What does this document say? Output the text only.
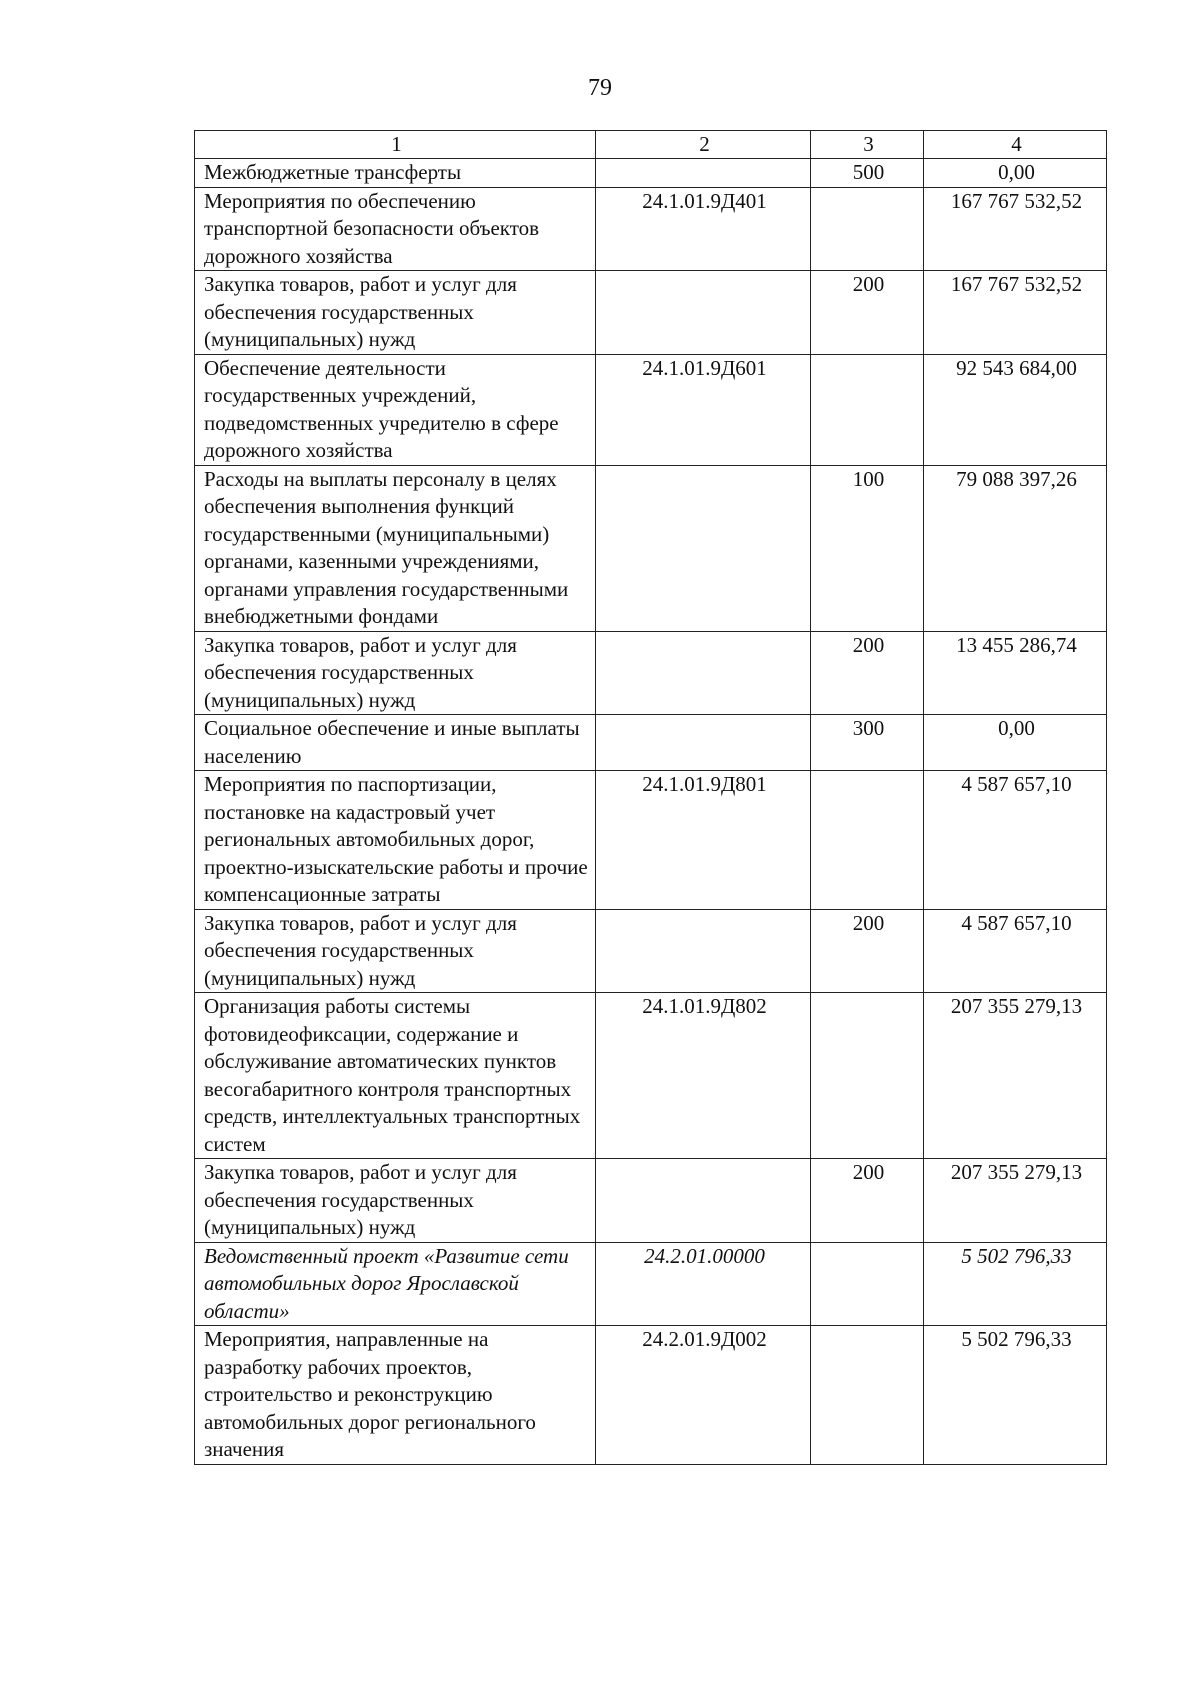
79
1	2	3	4
Межбюджетные трансферты		500	0,00
Мероприятия по обеспечению транспортной безопасности объектов дорожного хозяйства	24.1.01.9Д401		167 767 532,52
Закупка товаров, работ и услуг для обеспечения государственных (муниципальных) нужд		200	167 767 532,52
Обеспечение деятельности государственных учреждений, подведомственных учредителю в сфере дорожного хозяйства	24.1.01.9Д601		92 543 684,00
Расходы на выплаты персоналу в целях обеспечения выполнения функций государственными (муниципальными) органами, казенными учреждениями, органами управления государственными внебюджетными фондами		100	79 088 397,26
Закупка товаров, работ и услуг для обеспечения государственных (муниципальных) нужд		200	13 455 286,74
Социальное обеспечение и иные выплаты населению		300	0,00
Мероприятия по паспортизации, постановке на кадастровый учет региональных автомобильных дорог, проектно-изыскательские работы и прочие компенсационные затраты	24.1.01.9Д801		4 587 657,10
Закупка товаров, работ и услуг для обеспечения государственных (муниципальных) нужд		200	4 587 657,10
Организация работы системы фотовидеофиксации, содержание и обслуживание автоматических пунктов весогабаритного контроля транспортных средств, интеллектуальных транспортных систем	24.1.01.9Д802		207 355 279,13
Закупка товаров, работ и услуг для обеспечения государственных (муниципальных) нужд		200	207 355 279,13
Ведомственный проект «Развитие сети автомобильных дорог Ярославской области»	24.2.01.00000		5 502 796,33
Мероприятия, направленные на разработку рабочих проектов, строительство и реконструкцию автомобильных дорог регионального значения	24.2.01.9Д002		5 502 796,33
